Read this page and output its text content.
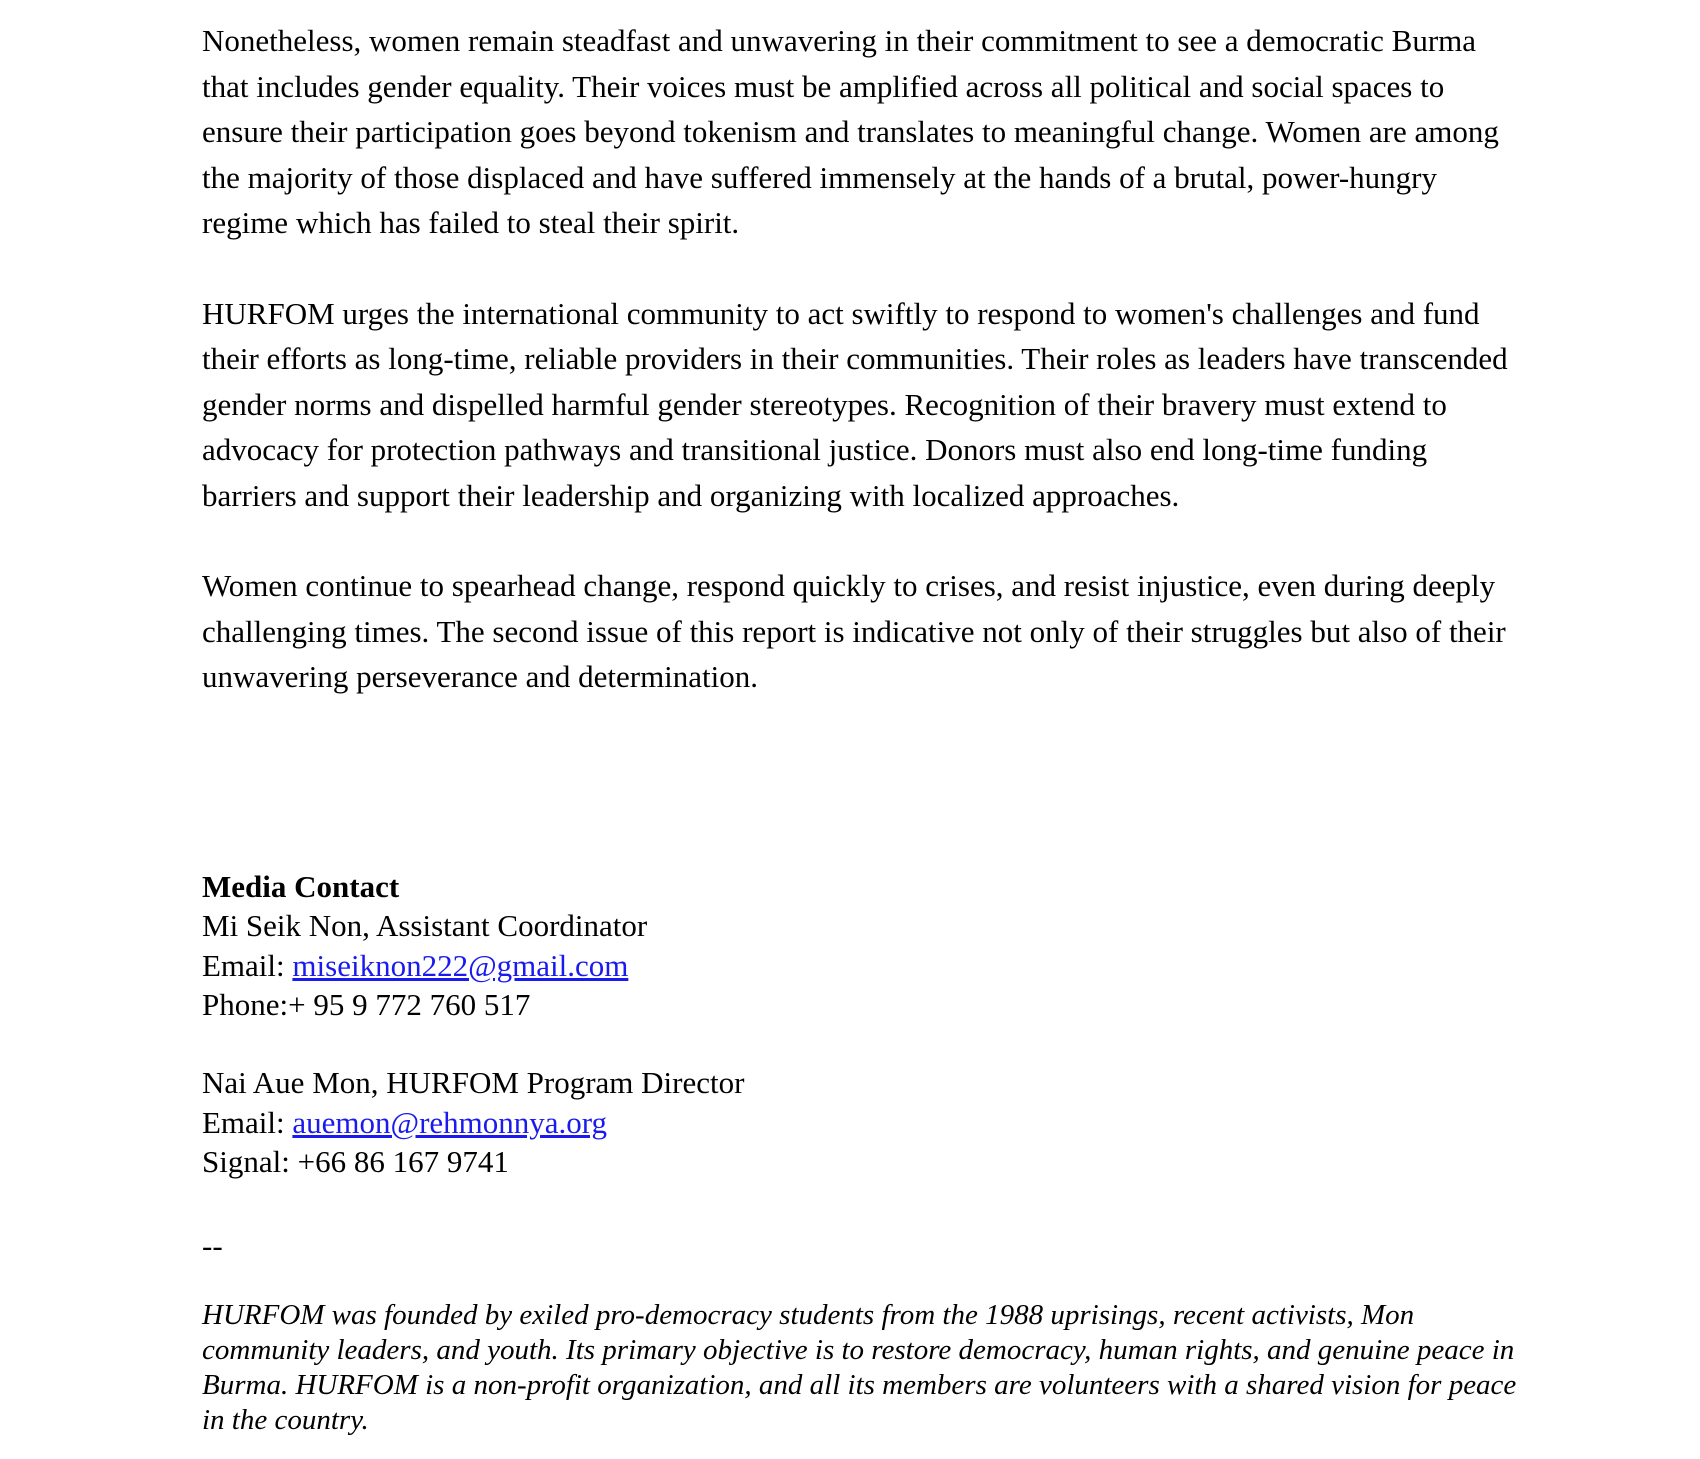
Nonetheless, women remain steadfast and unwavering in their commitment to see a democratic Burma that includes gender equality. Their voices must be amplified across all political and social spaces to ensure their participation goes beyond tokenism and translates to meaningful change. Women are among the majority of those displaced and have suffered immensely at the hands of a brutal, power-hungry regime which has failed to steal their spirit.

HURFOM urges the international community to act swiftly to respond to women's challenges and fund their efforts as long-time, reliable providers in their communities. Their roles as leaders have transcended gender norms and dispelled harmful gender stereotypes. Recognition of their bravery must extend to advocacy for protection pathways and transitional justice. Donors must also end long-time funding barriers and support their leadership and organizing with localized approaches.

Women continue to spearhead change, respond quickly to crises, and resist injustice, even during deeply challenging times. The second issue of this report is indicative not only of their struggles but also of their unwavering perseverance and determination.

Media Contact
Mi Seik Non, Assistant Coordinator
Email: miseiknon222@gmail.com
Phone:+ 95 9 772 760 517
Nai Aue Mon, HURFOM Program Director
Email: auemon@rehmonnya.org
Signal: +66 86 167 9741
--

HURFOM was founded by exiled pro-democracy students from the 1988 uprisings, recent activists, Mon community leaders, and youth. Its primary objective is to restore democracy, human rights, and genuine peace in Burma. HURFOM is a non-profit organization, and all its members are volunteers with a shared vision for peace in the country.
